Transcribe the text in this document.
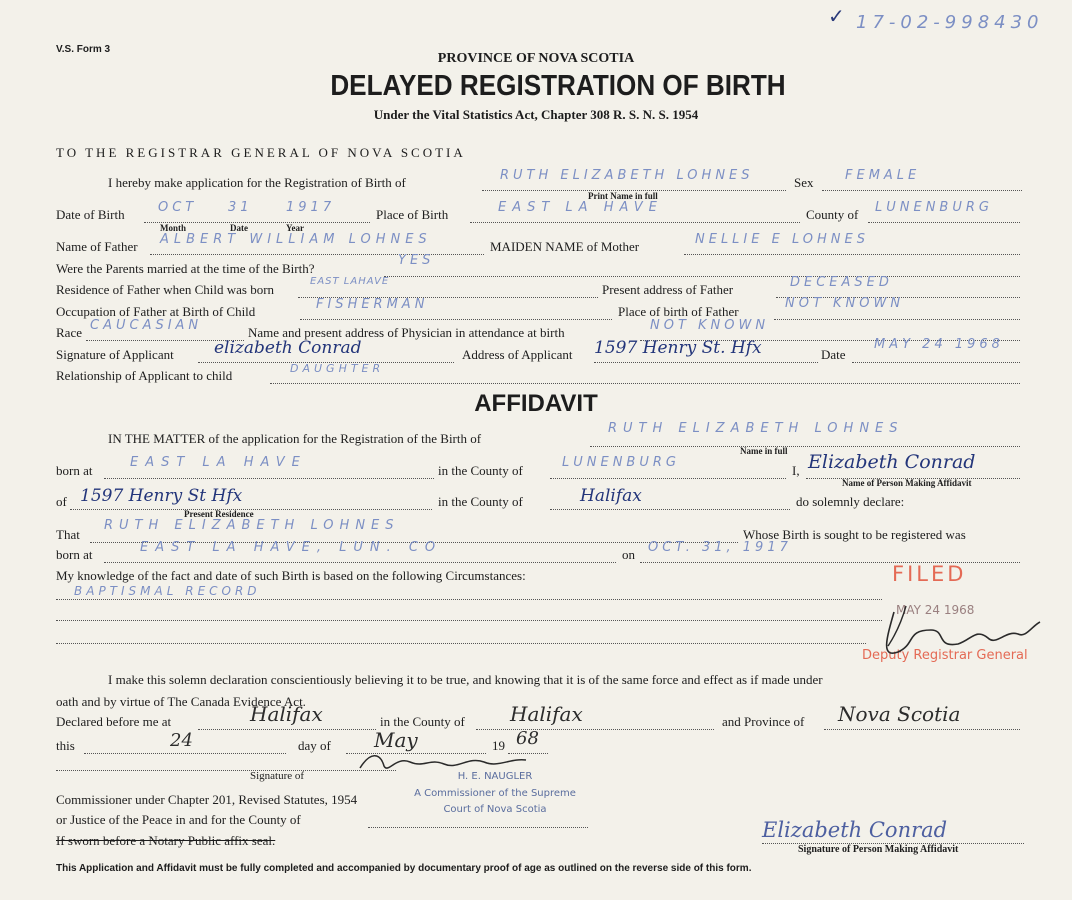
V.S. Form 3
✓ 17-02-998430
PROVINCE OF NOVA SCOTIA
DELAYED REGISTRATION OF BIRTH
Under the Vital Statistics Act, Chapter 308 R. S. N. S. 1954
TO THE REGISTRAR GENERAL OF NOVA SCOTIA
I hereby make application for the Registration of Birth of	RUTH ELIZABETH LOHNES	Sex FEMALE
Print Name in full
Date of Birth	OCT 31	1917
Month	Date	Year
Place of Birth	EAST LA HAVE	County of LUNENBURG
Name of Father ALBERT WILLIAM LOHNES	MAIDEN NAME of Mother	NELLIE E LOHNES
Were the Parents married at the time of the Birth?
YES
Residence of Father when Child was born
EAST LAHAVE
Present address of Father	DECEASED
Occupation of Father at Birth of Child	FISHERMAN	Place of birth of Father
NOT KNOWN
Race CAUCASIAN	Name and present address of Physician in attendance at birth	NOT KNOWN
Signature of Applicant elizabeth Conrad	Address of Applicant 1597 Henry St. Hfx	Date
MAY 24 1968
Relationship of Applicant to child	DAUGHTER
AFFIDAVIT
IN THE MATTER of the application for the Registration of the Birth of
RUTH ELIZABETH LOHNES
Name in full
born at
EAST LA HAVE
in the County of
LUNENBURG
I, Elizabeth Conrad
Name of Person Making Affidavit
of 1597 Henry St Hfx
Present Residence
in the County of	Halifax	do solemnly declare:
That
RUTH ELIZABETH LOHNES
Whose Birth is sought to be registered was
born at	EAST LA HAVE, LUN. CO	on OCT. 31, 1917
My knowledge of the fact and date of such Birth is based on the following Circumstances:
BAPTISMAL RECORD
FILED
MAY 24 1968
Deputy Registrar General
I make this solemn declaration conscientiously believing it to be true, and knowing that it is of the same force and effect as if made under
oath and by virtue of The Canada Evidence Act.
Declared before me at	Halifax	in the County of Halifax	and Province of Nova Scotia
this	24	day of May	19 68
Signature of	H. E. NAUGLER
A Commissioner of the Supreme
Court of Nova Scotia
Commissioner under Chapter 201, Revised Statutes, 1954
or Justice of the Peace in and for the County of
If sworn before a Notary Public affix seal.	Elizabeth Conrad
Signature of Person Making Affidavit
This Application and Affidavit must be fully completed and accompanied by documentary proof of age as outlined on the reverse side of this form.
